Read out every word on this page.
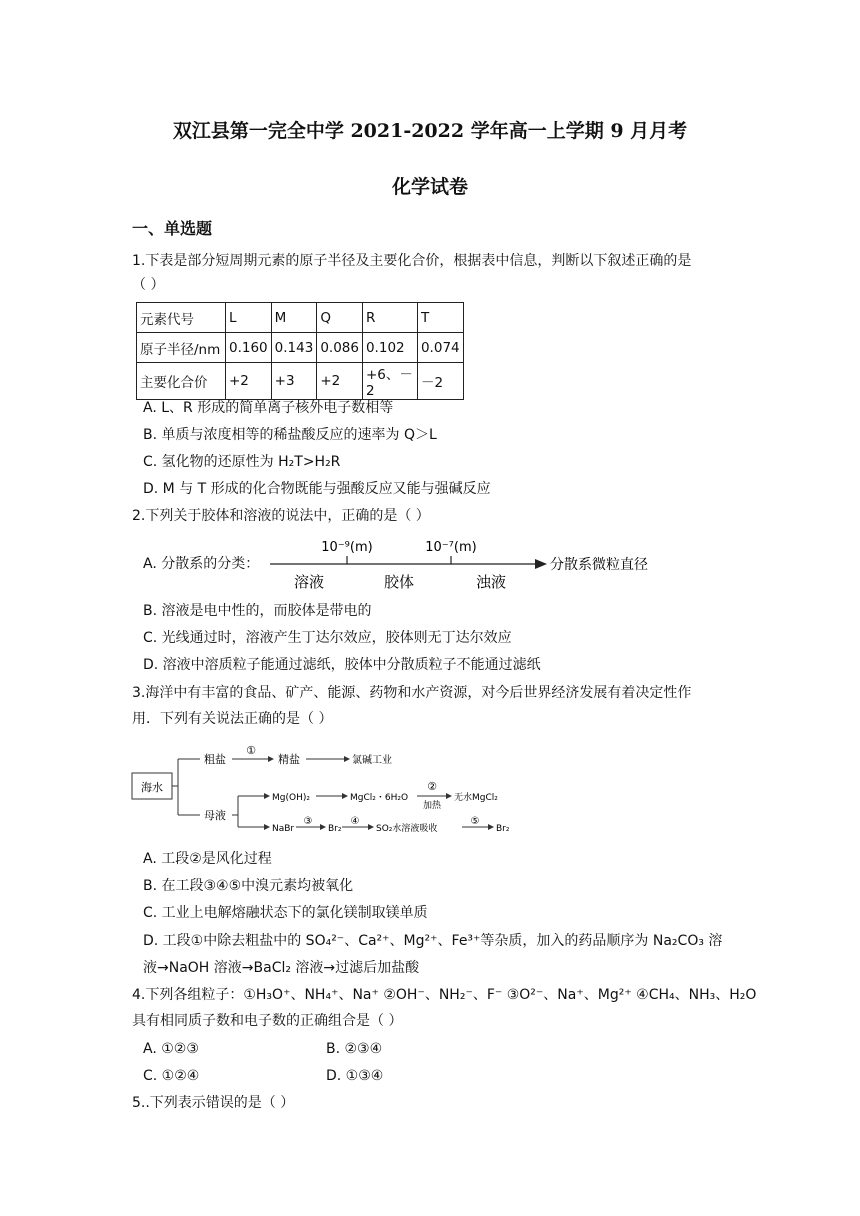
双江县第一完全中学 2021-2022 学年高一上学期 9 月月考
化学试卷
一、单选题
1.下表是部分短周期元素的原子半径及主要化合价，根据表中信息，判断以下叙述正确的是
（ ）
元素代号	L	M	Q	R	T
原子半径/nm	0.160	0.143	0.086	0.102	0.074
主要化合价	+2	+3	+2	+6、－2	－2
A. L、R 形成的简单离子核外电子数相等
B. 单质与浓度相等的稀盐酸反应的速率为 Q＞L
C. 氢化物的还原性为 H₂T>H₂R
D. M 与 T 形成的化合物既能与强酸反应又能与强碱反应
2.下列关于胶体和溶液的说法中，正确的是（ ）
A. 分散系的分类：
10⁻⁹(m)	10⁻⁷(m)
溶液	胶体	浊液
分散系微粒直径
B. 溶液是电中性的，而胶体是带电的
C. 光线通过时，溶液产生丁达尔效应，胶体则无丁达尔效应
D. 溶液中溶质粒子能通过滤纸，胶体中分散质粒子不能通过滤纸
3.海洋中有丰富的食品、矿产、能源、药物和水产资源，对今后世界经济发展有着决定性作
用．下列有关说法正确的是（ ）
海水
粗盐
①
精盐	氯碱工业
母液
Mg(OH)₂	MgCl₂・6H₂O
②
加热
无水MgCl₂
NaBr
③
Br₂
④
SO₂水溶液吸收
⑤
Br₂
A. 工段②是风化过程
B. 在工段③④⑤中溴元素均被氧化
C. 工业上电解熔融状态下的氯化镁制取镁单质
D. 工段①中除去粗盐中的 SO₄²⁻、Ca²⁺、Mg²⁺、Fe³⁺等杂质，加入的药品顺序为 Na₂CO₃ 溶
液→NaOH 溶液→BaCl₂ 溶液→过滤后加盐酸
4.下列各组粒子：①H₃O⁺、NH₄⁺、Na⁺ ②OH⁻、NH₂⁻、F⁻ ③O²⁻、Na⁺、Mg²⁺ ④CH₄、NH₃、H₂O
具有相同质子数和电子数的正确组合是（ ）
A. ①②③	B. ②③④
C. ①②④	D. ①③④
5..下列表示错误的是（ ）
